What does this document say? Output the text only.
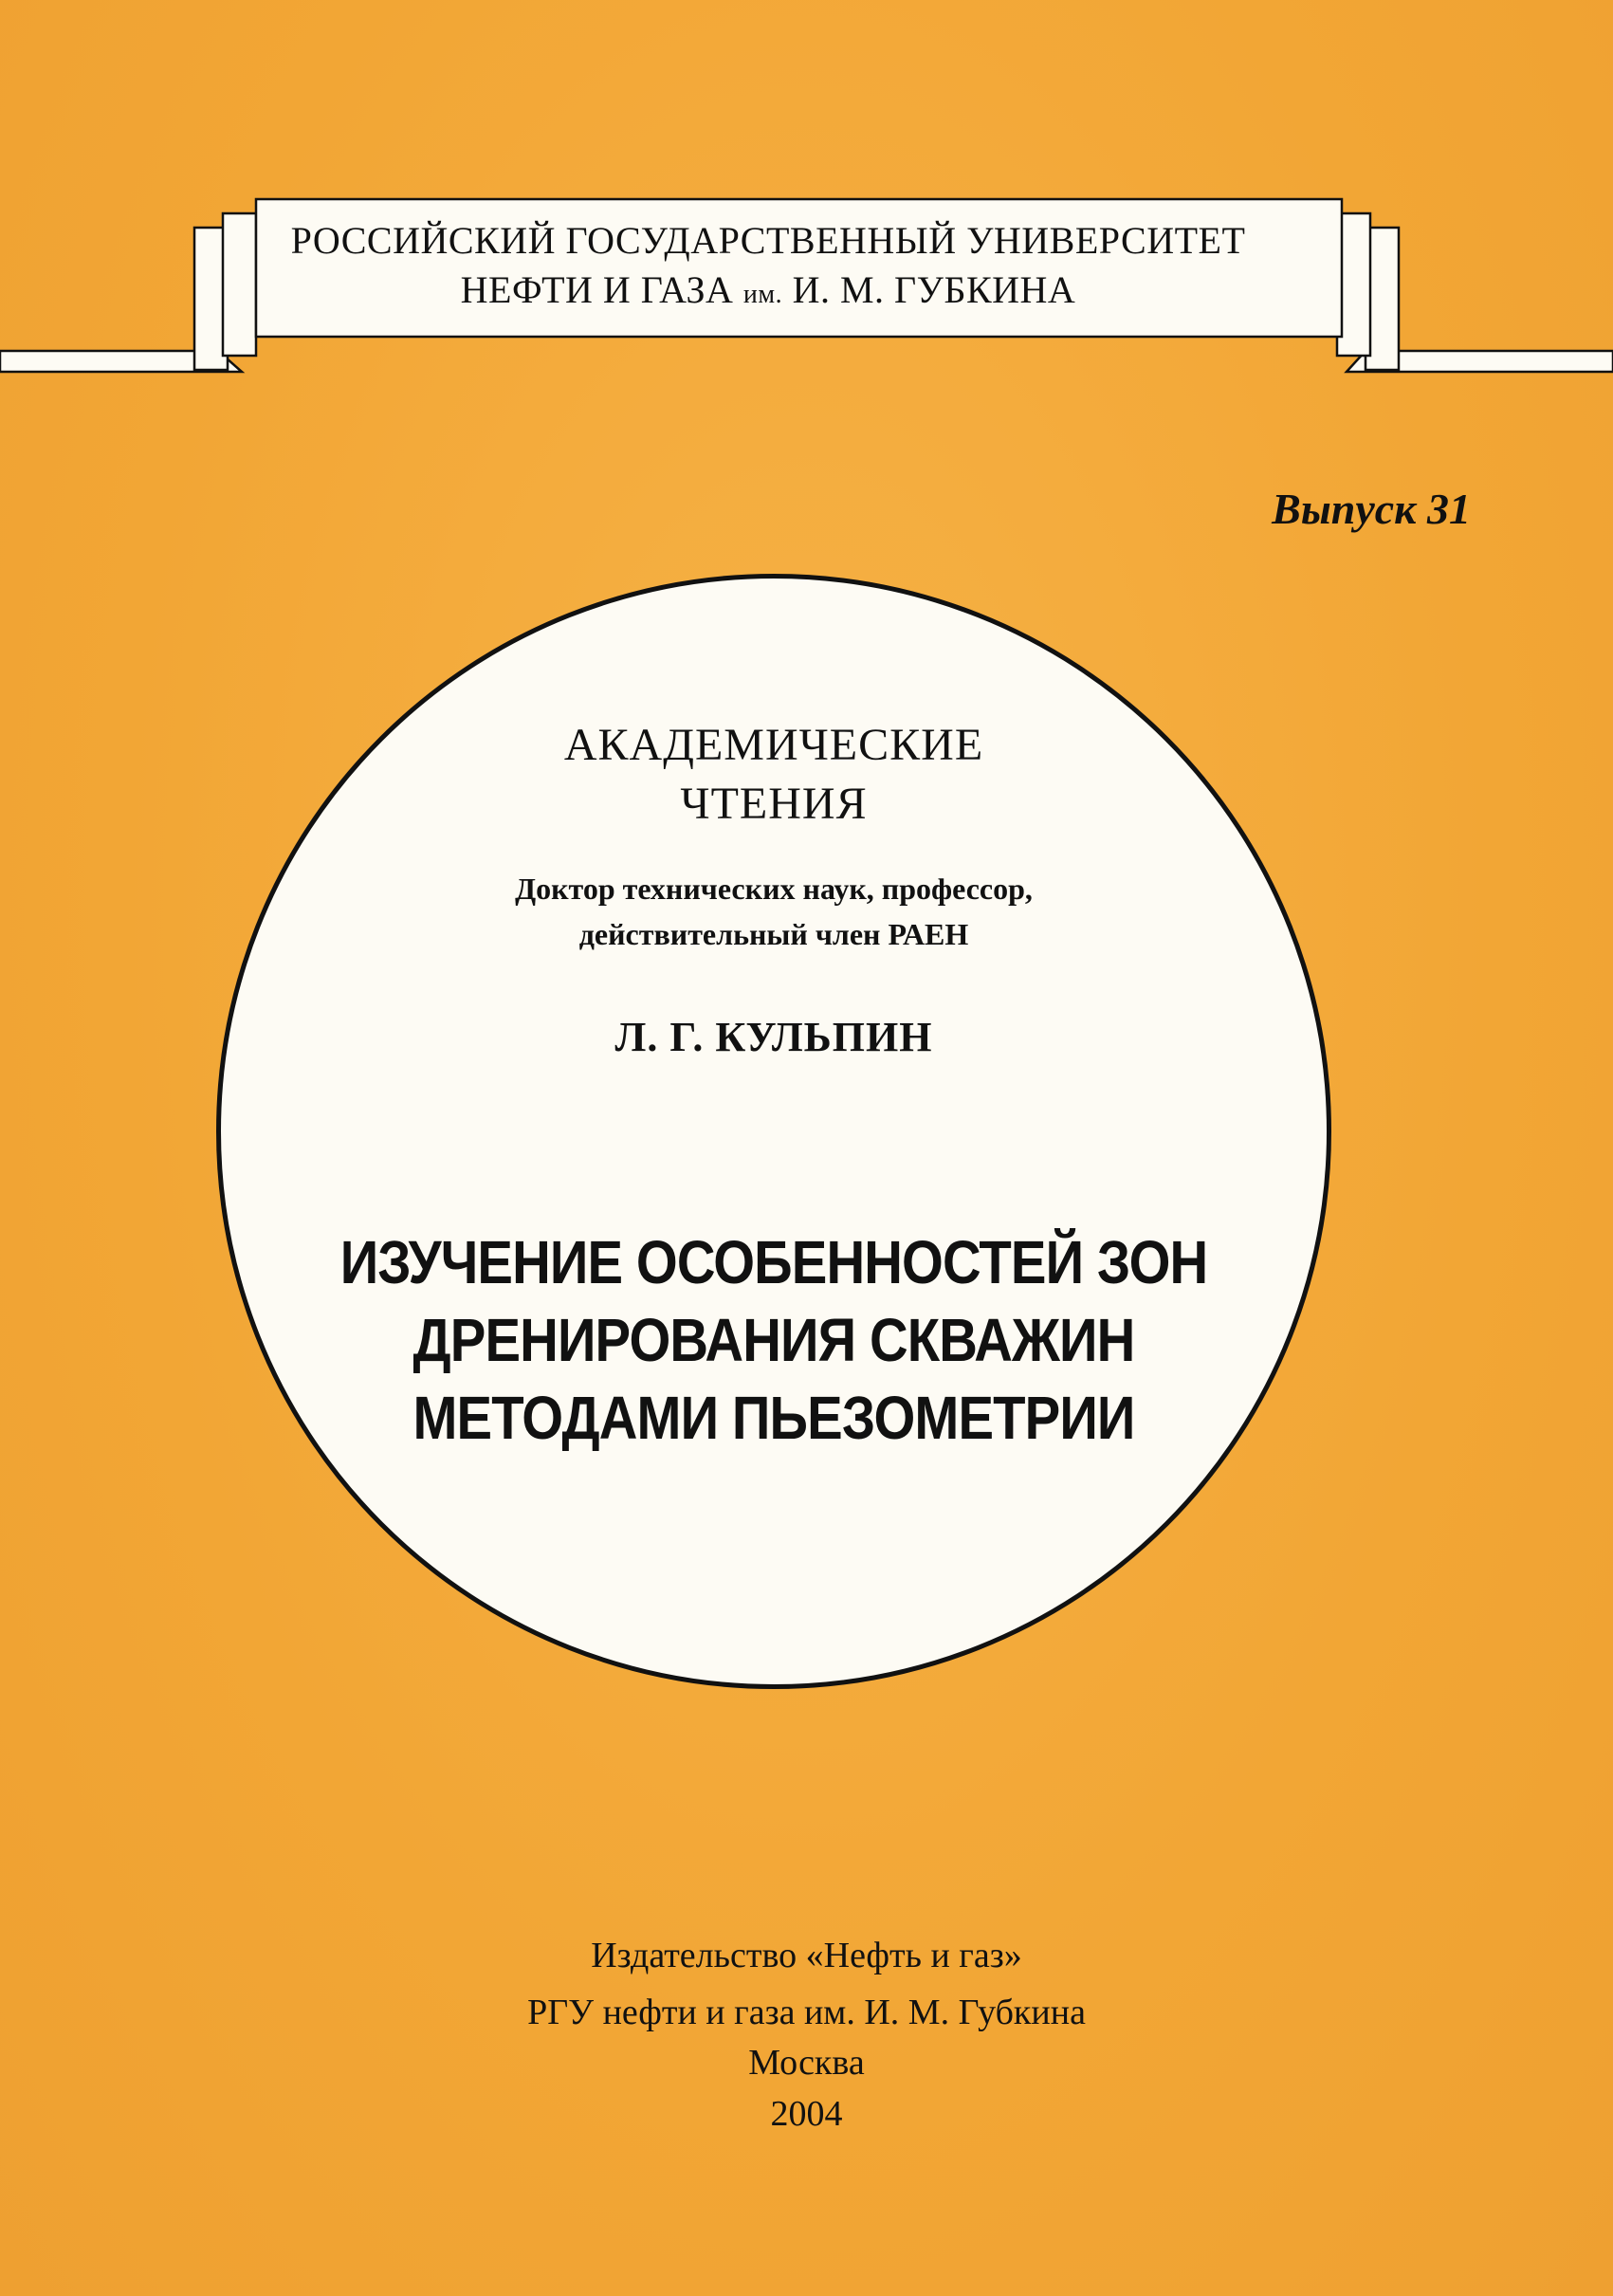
РОССИЙСКИЙ ГОСУДАРСТВЕННЫЙ УНИВЕРСИТЕТ
НЕФТИ И ГАЗА им. И. М. ГУБКИНА
Выпуск 31
АКАДЕМИЧЕСКИЕ
ЧТЕНИЯ
Доктор технических наук, профессор,
действительный член РАЕН
Л. Г. КУЛЬПИН
ИЗУЧЕНИЕ ОСОБЕННОСТЕЙ ЗОН
ДРЕНИРОВАНИЯ СКВАЖИН
МЕТОДАМИ ПЬЕЗОМЕТРИИ
Издательство «Нефть и газ»
РГУ нефти и газа им. И. М. Губкина
Москва
2004
